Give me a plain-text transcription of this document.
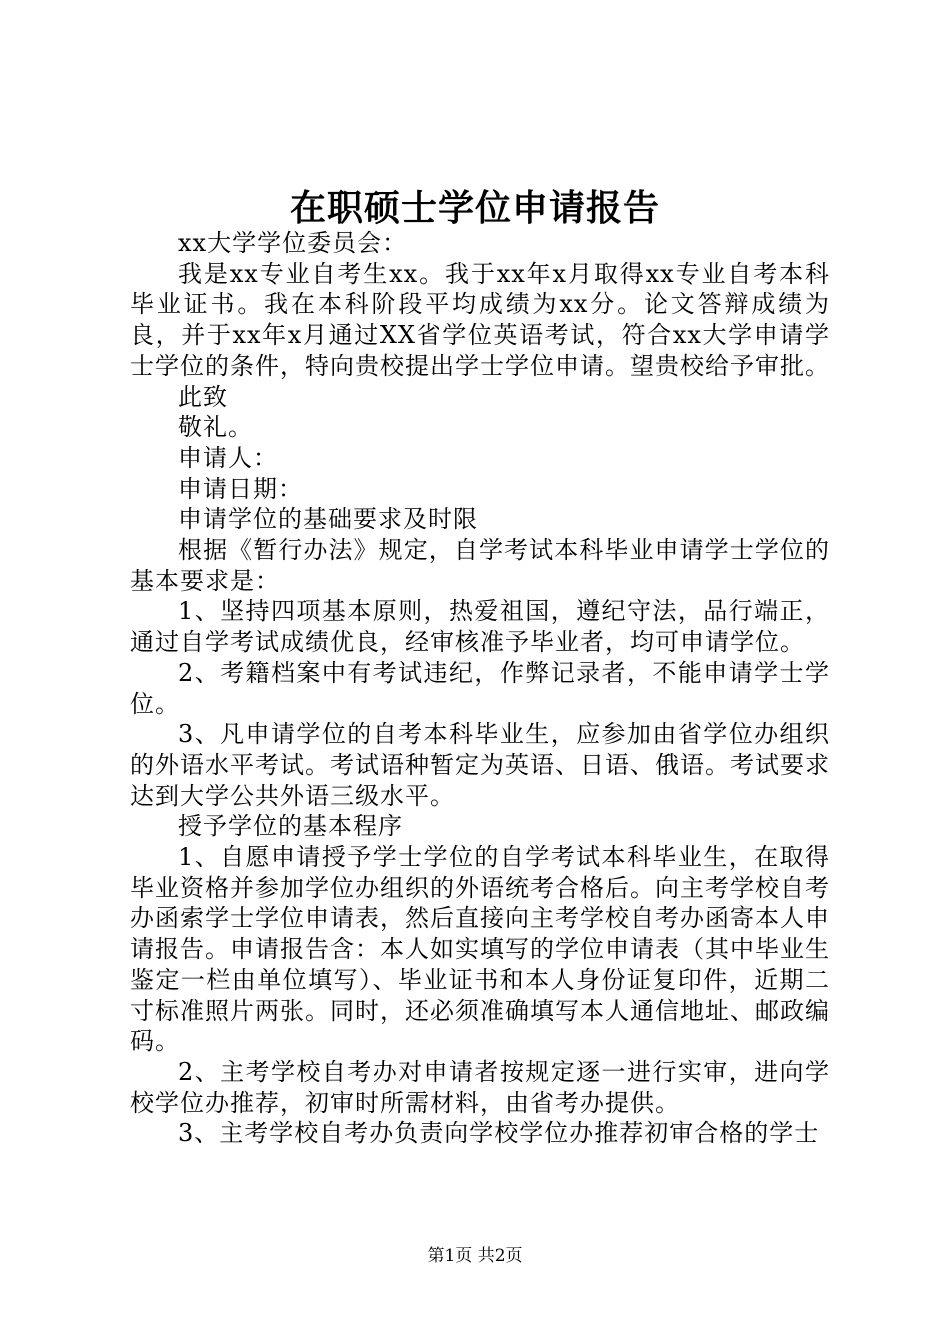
在职硕士学位申请报告

xx大学学位委员会：

我是xx专业自考生xx。我于xx年x月取得xx专业自考本科毕业证书。我在本科阶段平均成绩为xx分。论文答辩成绩为良，并于xx年x月通过XX省学位英语考试，符合xx大学申请学士学位的条件，特向贵校提出学士学位申请。望贵校给予审批。

此致

敬礼。

申请人：

申请日期：

申请学位的基础要求及时限

根据《暂行办法》规定，自学考试本科毕业申请学士学位的基本要求是：

1、坚持四项基本原则，热爱祖国，遵纪守法，品行端正，通过自学考试成绩优良，经审核准予毕业者，均可申请学位。

2、考籍档案中有考试违纪，作弊记录者，不能申请学士学位。

3、凡申请学位的自考本科毕业生，应参加由省学位办组织的外语水平考试。考试语种暂定为英语、日语、俄语。考试要求达到大学公共外语三级水平。

授予学位的基本程序

1、自愿申请授予学士学位的自学考试本科毕业生，在取得毕业资格并参加学位办组织的外语统考合格后。向主考学校自考办函索学士学位申请表，然后直接向主考学校自考办函寄本人申请报告。申请报告含：本人如实填写的学位申请表（其中毕业生鉴定一栏由单位填写）、毕业证书和本人身份证复印件，近期二寸标准照片两张。同时，还必须准确填写本人通信地址、邮政编码。

2、主考学校自考办对申请者按规定逐一进行实审，进向学校学位办推荐，初审时所需材料，由省考办提供。

3、主考学校自考办负责向学校学位办推荐初审合格的学士

第1页 共2页
